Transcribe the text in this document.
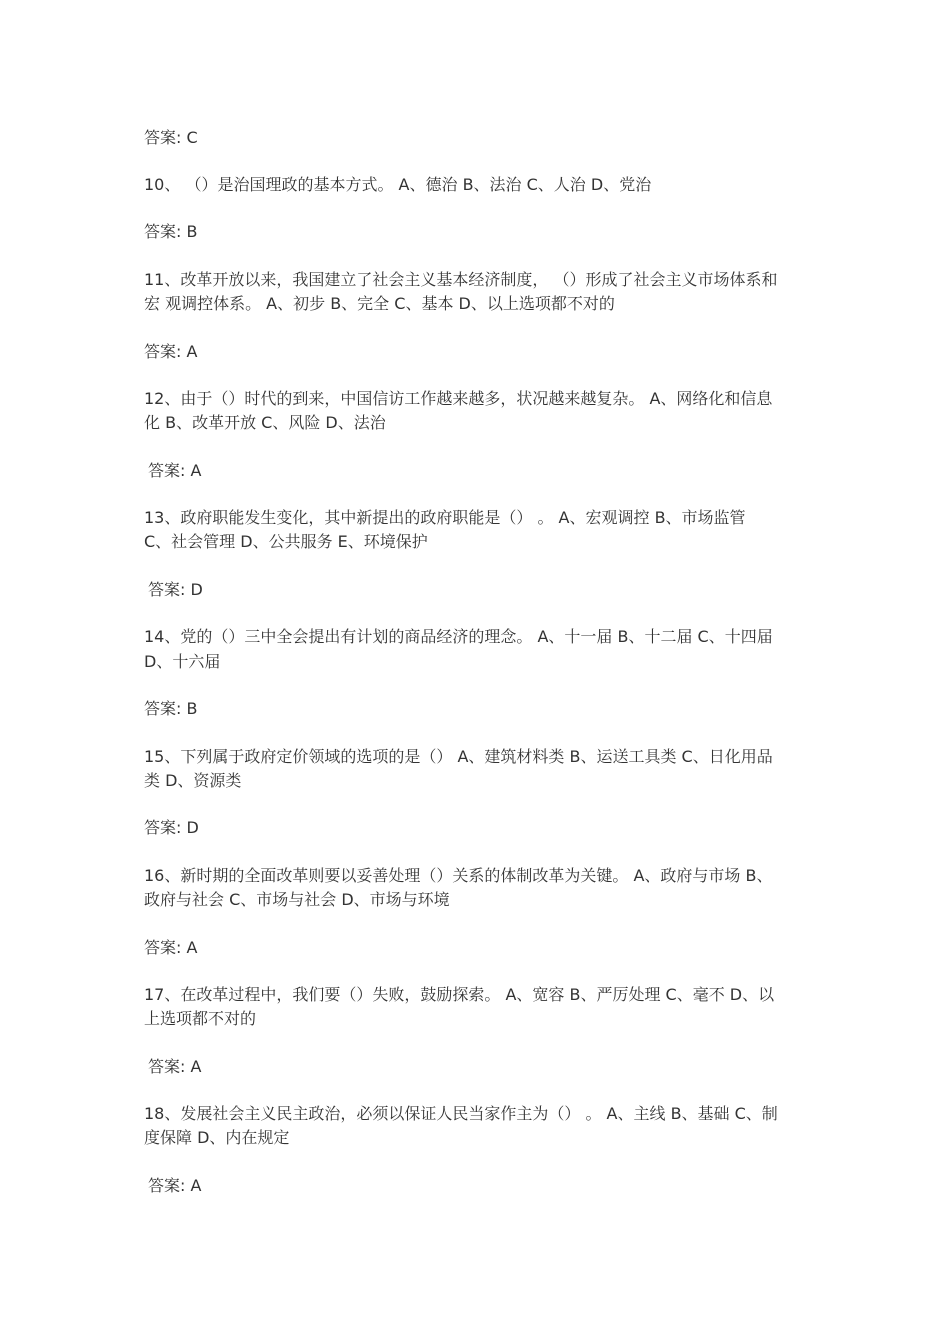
答案: C
10、 （）是治国理政的基本方式。 A、德治 B、法治 C、人治 D、党治
答案: B
11、改革开放以来，我国建立了社会主义基本经济制度， （）形成了社会主义市场体系和
宏 观调控体系。 A、初步 B、完全 C、基本 D、以上选项都不对的
答案: A
12、由于（）时代的到来，中国信访工作越来越多，状况越来越复杂。 A、网络化和信息
化 B、改革开放 C、风险 D、法治
答案: A
13、政府职能发生变化，其中新提出的政府职能是（） 。 A、宏观调控 B、市场监管
C、社会管理 D、公共服务 E、环境保护
答案: D
14、党的（）三中全会提出有计划的商品经济的理念。 A、十一届 B、十二届 C、十四届
D、十六届
答案: B
15、下列属于政府定价领域的选项的是（） A、建筑材料类 B、运送工具类 C、日化用品
类 D、资源类
答案: D
16、新时期的全面改革则要以妥善处理（）关系的体制改革为关键。 A、政府与市场 B、
政府与社会 C、市场与社会 D、市场与环境
答案: A
17、在改革过程中，我们要（）失败，鼓励探索。 A、宽容 B、严厉处理 C、毫不 D、以
上选项都不对的
答案: A
18、发展社会主义民主政治，必须以保证人民当家作主为（） 。 A、主线 B、基础 C、制
度保障 D、内在规定
答案: A
